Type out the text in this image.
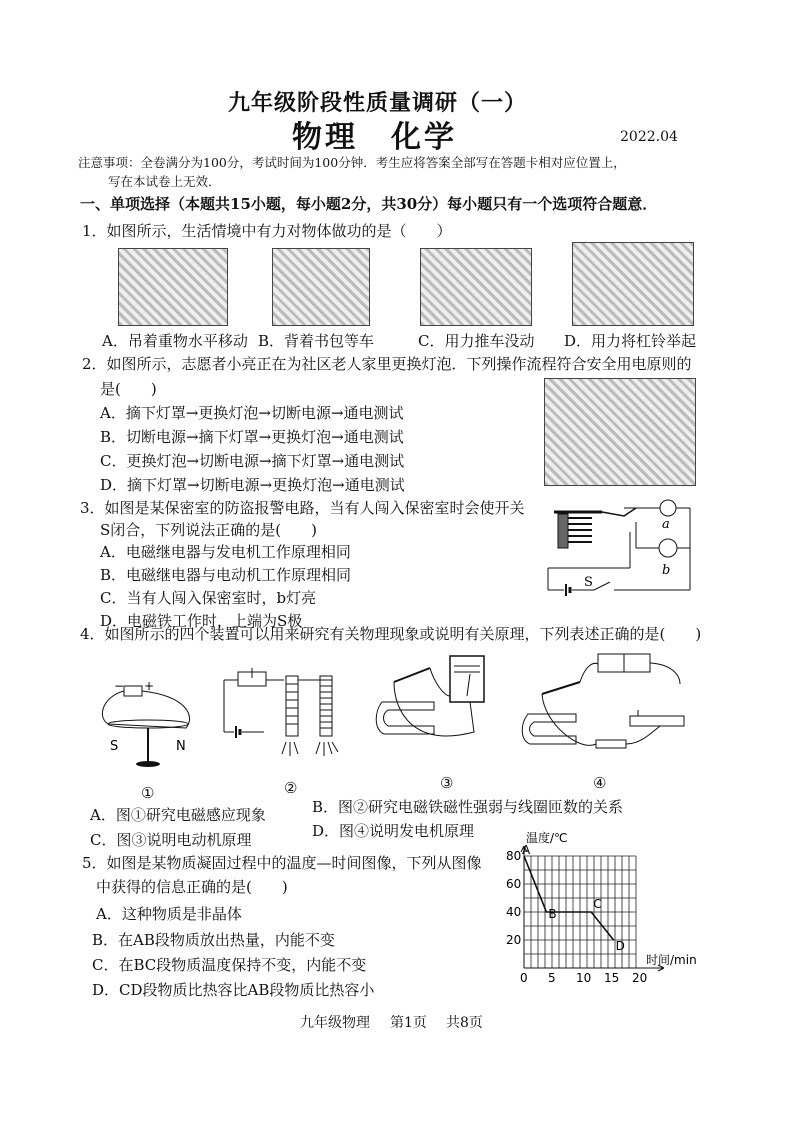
九年级阶段性质量调研（一）
物理　化学	2022.04
注意事项：全卷满分为100分，考试时间为100分钟．考生应将答案全部写在答题卡相对应位置上，
写在本试卷上无效．
一、单项选择（本题共15小题，每小题2分，共30分）每小题只有一个选项符合题意．
1．如图所示，生活情境中有力对物体做功的是（　　）
A．吊着重物水平移动 B．背着书包等车	C．用力推车没动 D．用力将杠铃举起
2．如图所示，志愿者小亮正在为社区老人家里更换灯泡．下列操作流程符合安全用电原则的
是(　　)
A．摘下灯罩→更换灯泡→切断电源→通电测试
B．切断电源→摘下灯罩→更换灯泡→通电测试
C．更换灯泡→切断电源→摘下灯罩→通电测试
D．摘下灯罩→切断电源→更换灯泡→通电测试
3．如图是某保密室的防盗报警电路，当有人闯入保密室时会使开关
S闭合，下列说法正确的是(　　)
A．电磁继电器与发电机工作原理相同
B．电磁继电器与电动机工作原理相同
C．当有人闯入保密室时，b灯亮
D．电磁铁工作时，上端为S极
a
b
S
4．如图所示的四个装置可以用来研究有关物理现象或说明有关原理，下列表述正确的是(　　)
− +
S	N
①	②	③	④
A．图①研究电磁感应现象	B．图②研究电磁铁磁性强弱与线圈匝数的关系
C．图③说明电动机原理	D．图④说明发电机原理
5．如图是某物质凝固过程中的温度—时间图像，下列从图像
中获得的信息正确的是(　　)
A．这种物质是非晶体
B．在AB段物质放出热量，内能不变
C．在BC段物质温度保持不变，内能不变
D．CD段物质比热容比AB段物质比热容小
0 5 10 15 20
20
40
60
80 A
B
C
D
温度/℃
时间/min
九年级物理 第1页 共8页
